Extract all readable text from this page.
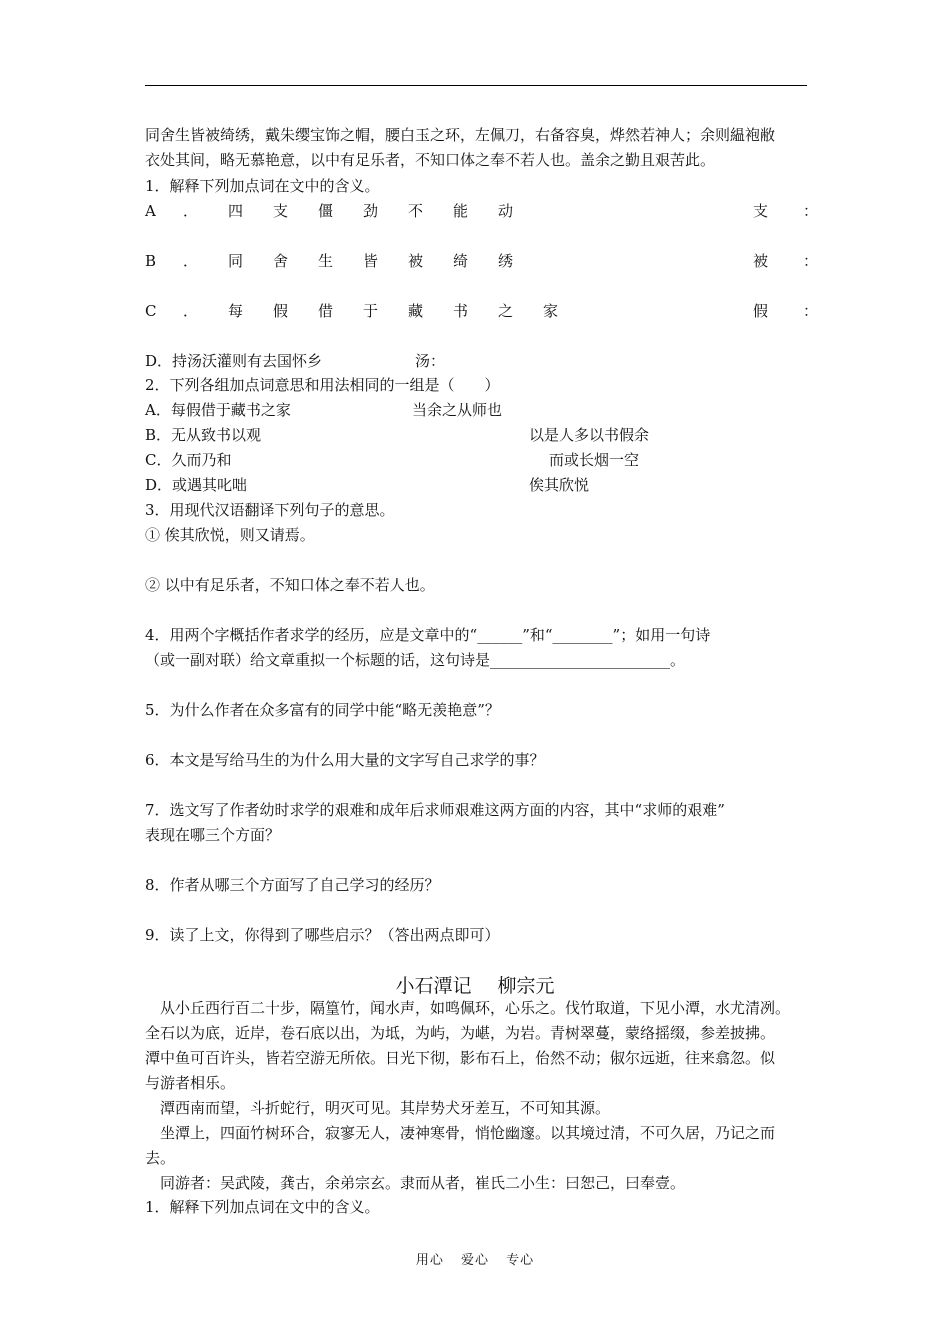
同舍生皆被绮绣，戴朱缨宝饰之帽，腰白玉之环，左佩刀，右备容臭，烨然若神人；余则緼袍敝
衣处其间，略无慕艳意，以中有足乐者，不知口体之奉不若人也。盖余之勤且艰苦此。
1．解释下列加点词在文中的含义。
A	．	四	支	僵	劲	不	能	动	支	：
B	．	同	舍	生	皆	被	绮	绣	被	：
C	．	每	假	借	于	藏	书	之	家	假	：
D．持汤沃灌则有去国怀乡	汤：
2．下列各组加点词意思和用法相同的一组是（　　）
A．每假借于藏书之家	当余之从师也
B．无从致书以观	以是人多以书假余
C．久而乃和	而或长烟一空
D．或遇其叱咄	俟其欣悦
3．用现代汉语翻译下列句子的意思。
① 俟其欣悦，则又请焉。
② 以中有足乐者，不知口体之奉不若人也。
4．用两个字概括作者求学的经历，应是文章中的“______”和“________”；如用一句诗
（或一副对联）给文章重拟一个标题的话，这句诗是________________________。
5．为什么作者在众多富有的同学中能“略无羡艳意”？
6．本文是写给马生的为什么用大量的文字写自己求学的事？
7．选文写了作者幼时求学的艰难和成年后求师艰难这两方面的内容，其中“求师的艰难”
表现在哪三个方面？
8．作者从哪三个方面写了自己学习的经历？
9．读了上文，你得到了哪些启示？（答出两点即可）
小石潭记 柳宗元
　从小丘西行百二十步，隔篁竹，闻水声，如鸣佩环，心乐之。伐竹取道，下见小潭，水尤清冽。
全石以为底，近岸，卷石底以出，为坻，为屿，为嵁，为岩。青树翠蔓，蒙络摇缀，参差披拂。
潭中鱼可百许头，皆若空游无所依。日光下彻，影布石上，佁然不动；俶尔远逝，往来翕忽。似
与游者相乐。
　潭西南而望，斗折蛇行，明灭可见。其岸势犬牙差互，不可知其源。
　坐潭上，四面竹树环合，寂寥无人，凄神寒骨，悄怆幽邃。以其境过清，不可久居，乃记之而
去。
　同游者：吴武陵，龚古，余弟宗玄。隶而从者，崔氏二小生：曰恕己，曰奉壹。
1．解释下列加点词在文中的含义。
用心 爱心 专心
